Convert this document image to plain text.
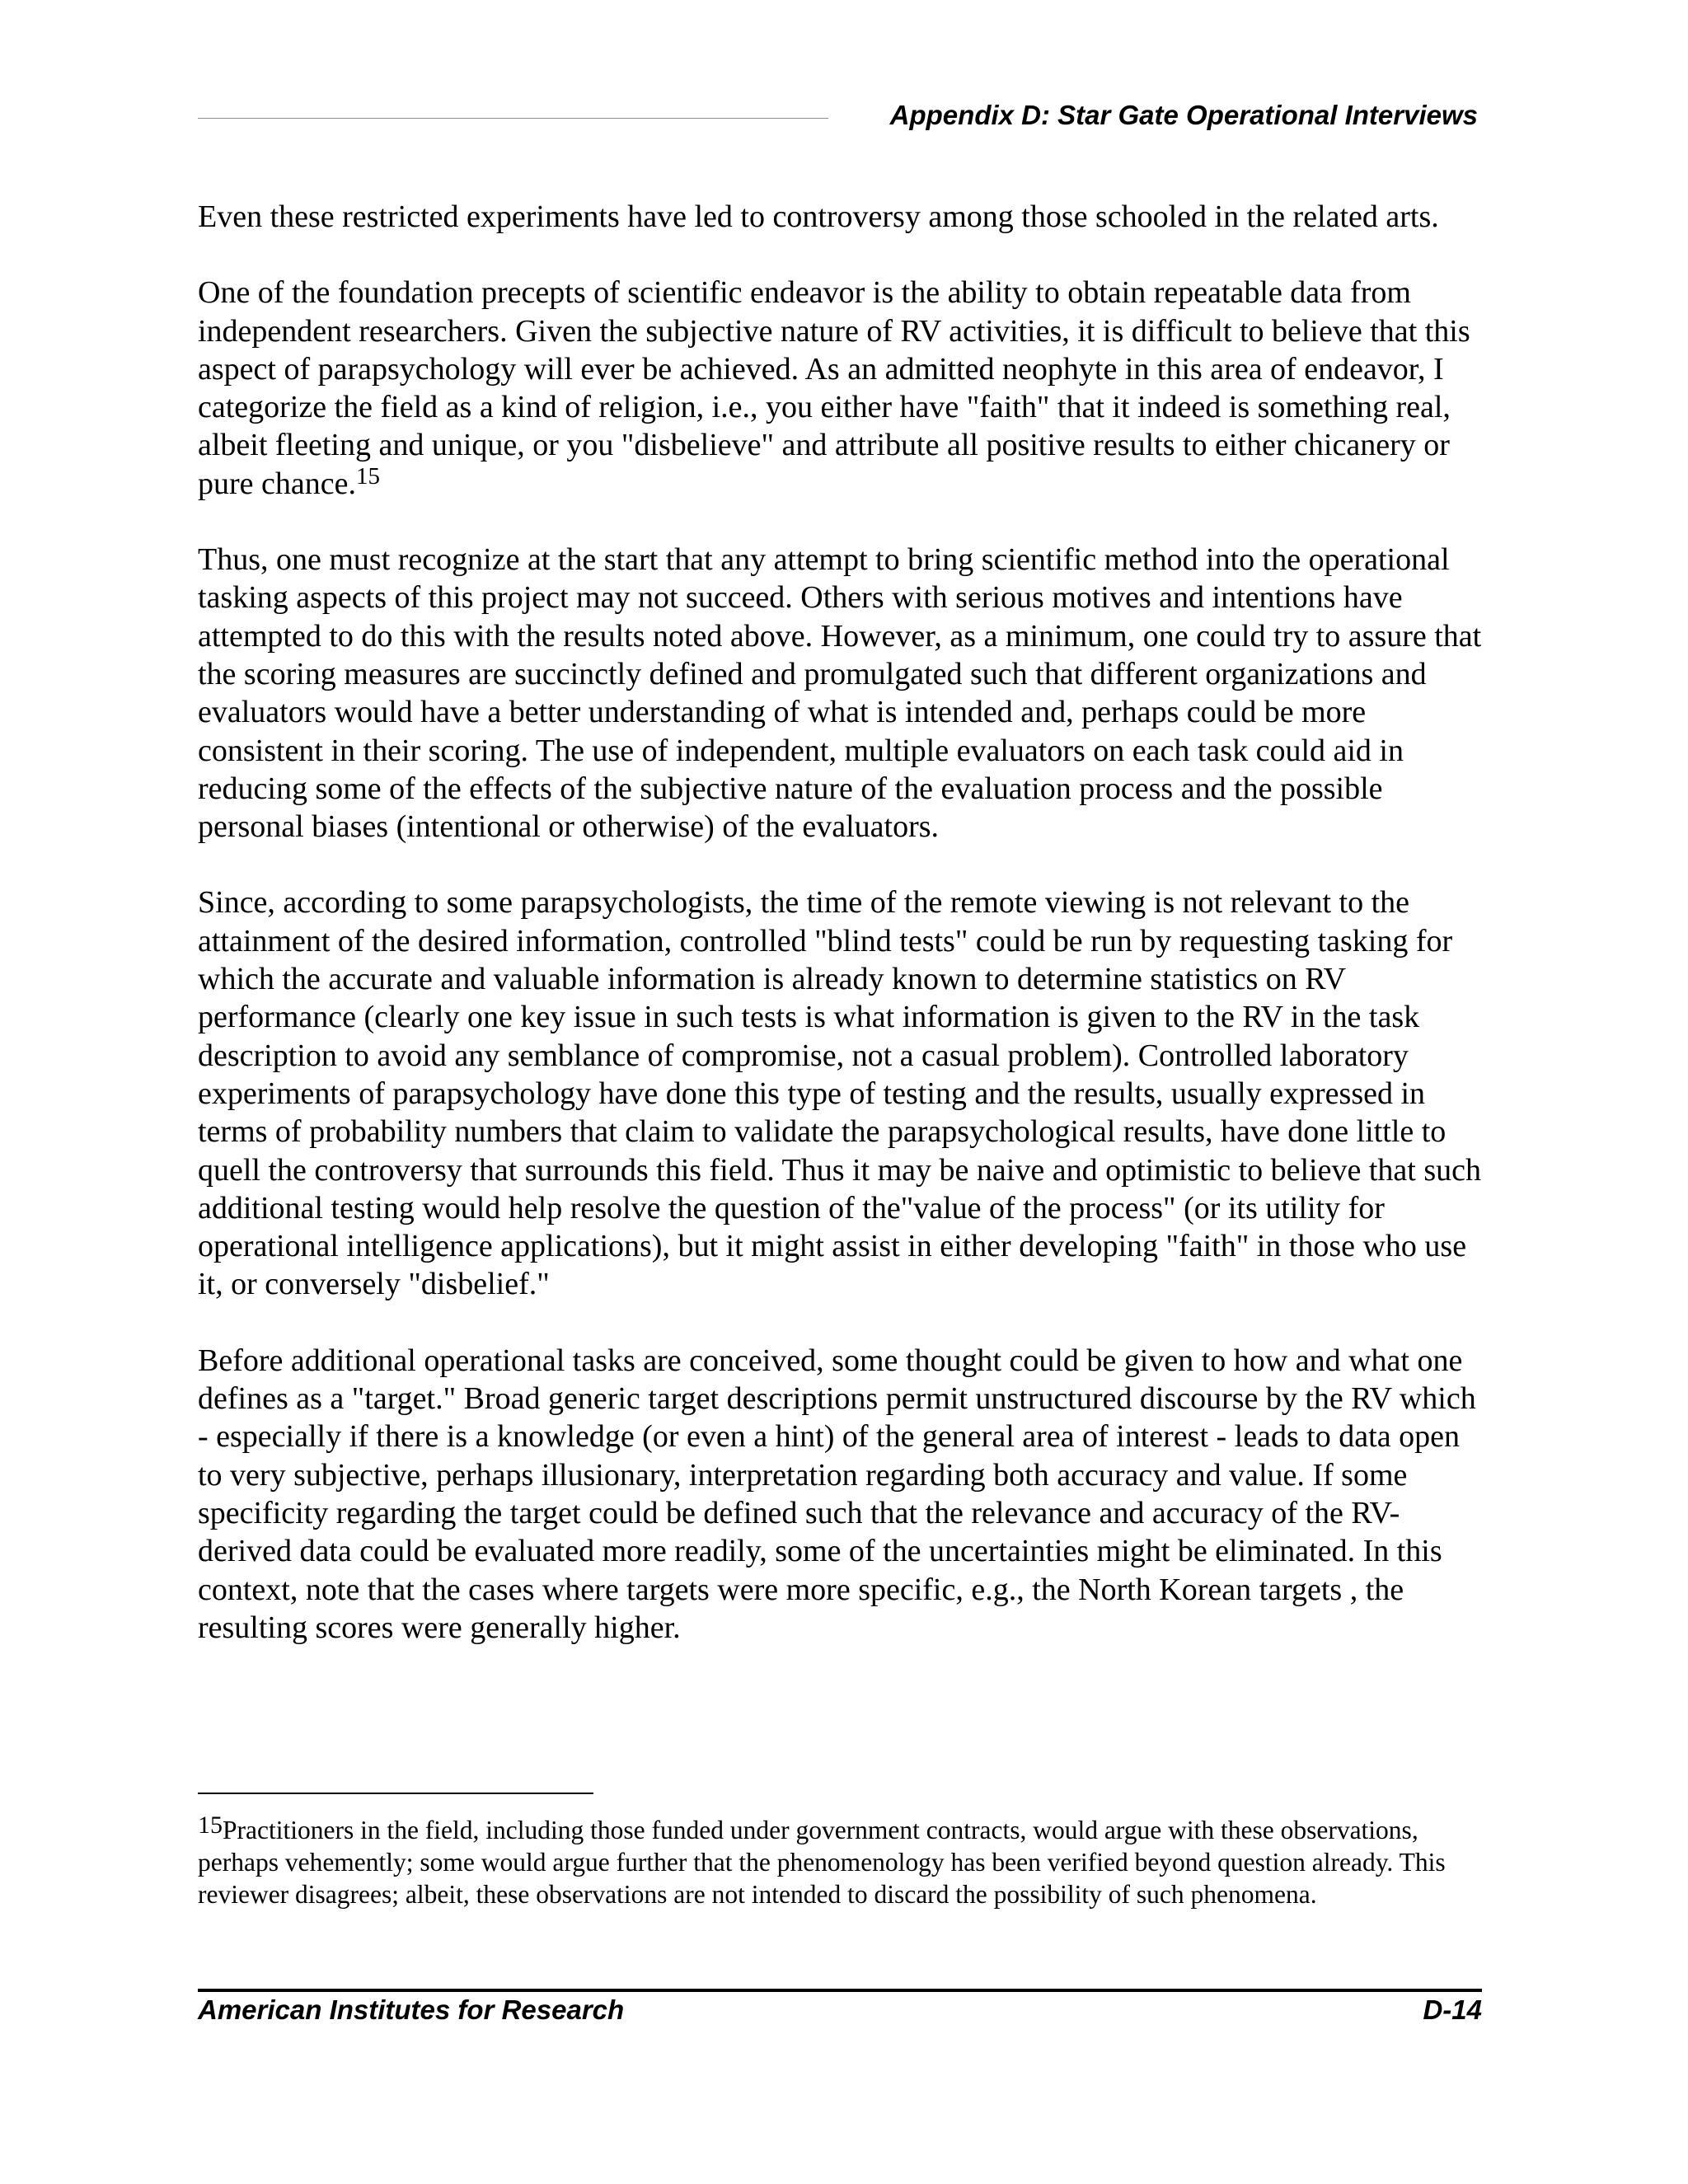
Appendix D: Star Gate Operational Interviews

Even these restricted experiments have led to controversy among those schooled in the related arts.

One of the foundation precepts of scientific endeavor is the ability to obtain repeatable data from independent researchers. Given the subjective nature of RV activities, it is difficult to believe that this aspect of parapsychology will ever be achieved. As an admitted neophyte in this area of endeavor, I categorize the field as a kind of religion, i.e., you either have "faith" that it indeed is something real, albeit fleeting and unique, or you "disbelieve" and attribute all positive results to either chicanery or pure chance.$^{15}$

Thus, one must recognize at the start that any attempt to bring scientific method into the operational tasking aspects of this project may not succeed. Others with serious motives and intentions have attempted to do this with the results noted above. However, as a minimum, one could try to assure that the scoring measures are succinctly defined and promulgated such that different organizations and evaluators would have a better understanding of what is intended and, perhaps could be more consistent in their scoring. The use of independent, multiple evaluators on each task could aid in reducing some of the effects of the subjective nature of the evaluation process and the possible personal biases (intentional or otherwise) of the evaluators.

Since, according to some parapsychologists, the time of the remote viewing is not relevant to the attainment of the desired information, controlled "blind tests" could be run by requesting tasking for which the accurate and valuable information is already known to determine statistics on RV performance (clearly one key issue in such tests is what information is given to the RV in the task description to avoid any semblance of compromise, not a casual problem). Controlled laboratory experiments of parapsychology have done this type of testing and the results, usually expressed in terms of probability numbers that claim to validate the parapsychological results, have done little to quell the controversy that surrounds this field. Thus it may be naive and optimistic to believe that such additional testing would help resolve the question of the"value of the process" (or its utility for operational intelligence applications), but it might assist in either developing "faith" in those who use it, or conversely "disbelief."

Before additional operational tasks are conceived, some thought could be given to how and what one defines as a "target." Broad generic target descriptions permit unstructured discourse by the RV which - especially if there is a knowledge (or even a hint) of the general area of interest - leads to data open to very subjective, perhaps illusionary, interpretation regarding both accuracy and value. If some specificity regarding the target could be defined such that the relevance and accuracy of the RV-derived data could be evaluated more readily, some of the uncertainties might be eliminated. In this context, note that the cases where targets were more specific, e.g., the North Korean targets , the resulting scores were generally higher.

15Practitioners in the field, including those funded under government contracts, would argue with these observations, perhaps vehemently; some would argue further that the phenomenology has been verified beyond question already. This reviewer disagrees; albeit, these observations are not intended to discard the possibility of such phenomena.
American Institutes for Research	D-14
